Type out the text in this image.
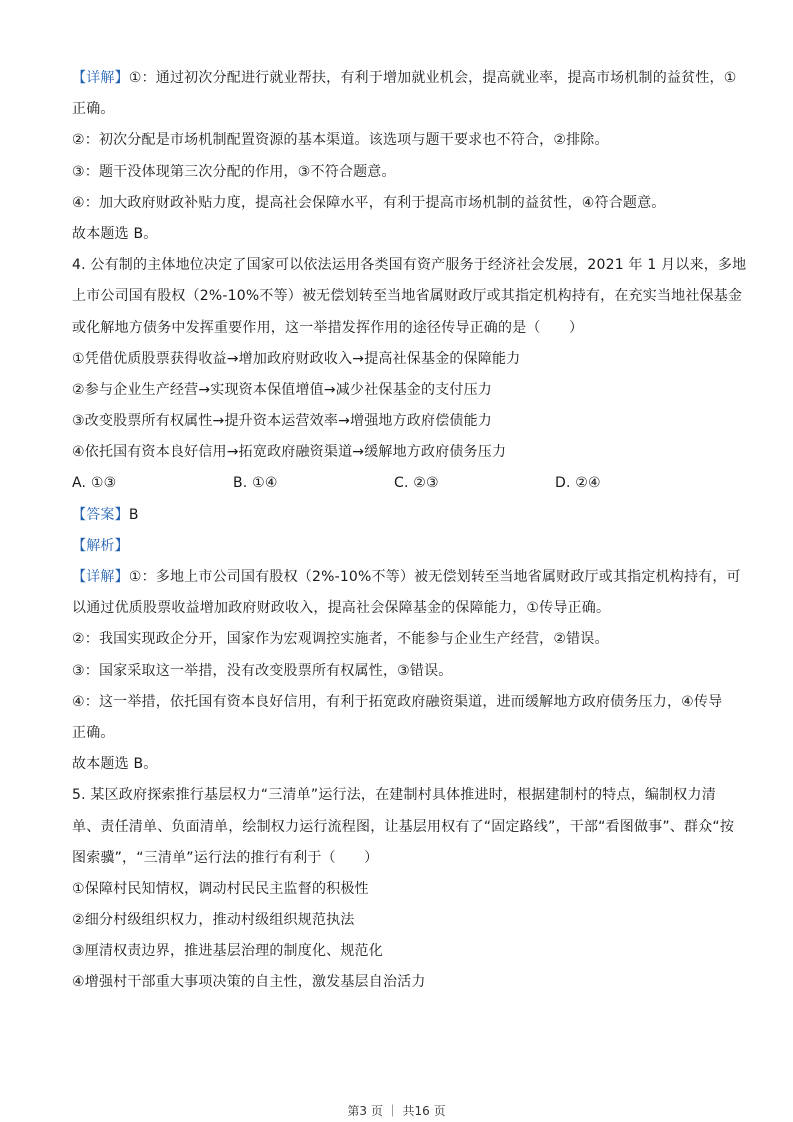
【详解】①：通过初次分配进行就业帮扶，有利于增加就业机会，提高就业率，提高市场机制的益贫性，①
正确。
②：初次分配是市场机制配置资源的基本渠道。该选项与题干要求也不符合，②排除。
③：题干没体现第三次分配的作用，③不符合题意。
④：加大政府财政补贴力度，提高社会保障水平，有利于提高市场机制的益贫性，④符合题意。
故本题选 B。
4. 公有制的主体地位决定了国家可以依法运用各类国有资产服务于经济社会发展，2021 年 1 月以来，多地
上市公司国有股权（2%-10%不等）被无偿划转至当地省属财政厅或其指定机构持有，在充实当地社保基金
或化解地方债务中发挥重要作用，这一举措发挥作用的途径传导正确的是（　　）
①凭借优质股票获得收益→增加政府财政收入→提高社保基金的保障能力
②参与企业生产经营→实现资本保值增值→减少社保基金的支付压力
③改变股票所有权属性→提升资本运营效率→增强地方政府偿债能力
④依托国有资本良好信用→拓宽政府融资渠道→缓解地方政府债务压力
A. ①③	B. ①④	C. ②③	D. ②④
【答案】B
【解析】
【详解】①：多地上市公司国有股权（2%-10%不等）被无偿划转至当地省属财政厅或其指定机构持有，可
以通过优质股票收益增加政府财政收入，提高社会保障基金的保障能力，①传导正确。
②：我国实现政企分开，国家作为宏观调控实施者，不能参与企业生产经营，②错误。
③：国家采取这一举措，没有改变股票所有权属性，③错误。
④：这一举措，依托国有资本良好信用，有利于拓宽政府融资渠道，进而缓解地方政府债务压力，④传导
正确。
故本题选 B。
5. 某区政府探索推行基层权力“三清单”运行法，在建制村具体推进时，根据建制村的特点，编制权力清
单、责任清单、负面清单，绘制权力运行流程图，让基层用权有了“固定路线”，干部“看图做事”、群众“按
图索骥”，“三清单”运行法的推行有利于（　　）
①保障村民知情权，调动村民民主监督的积极性
②细分村级组织权力，推动村级组织规范执法
③厘清权责边界，推进基层治理的制度化、规范化
④增强村干部重大事项决策的自主性，激发基层自治活力
第3 页 ｜ 共16 页
